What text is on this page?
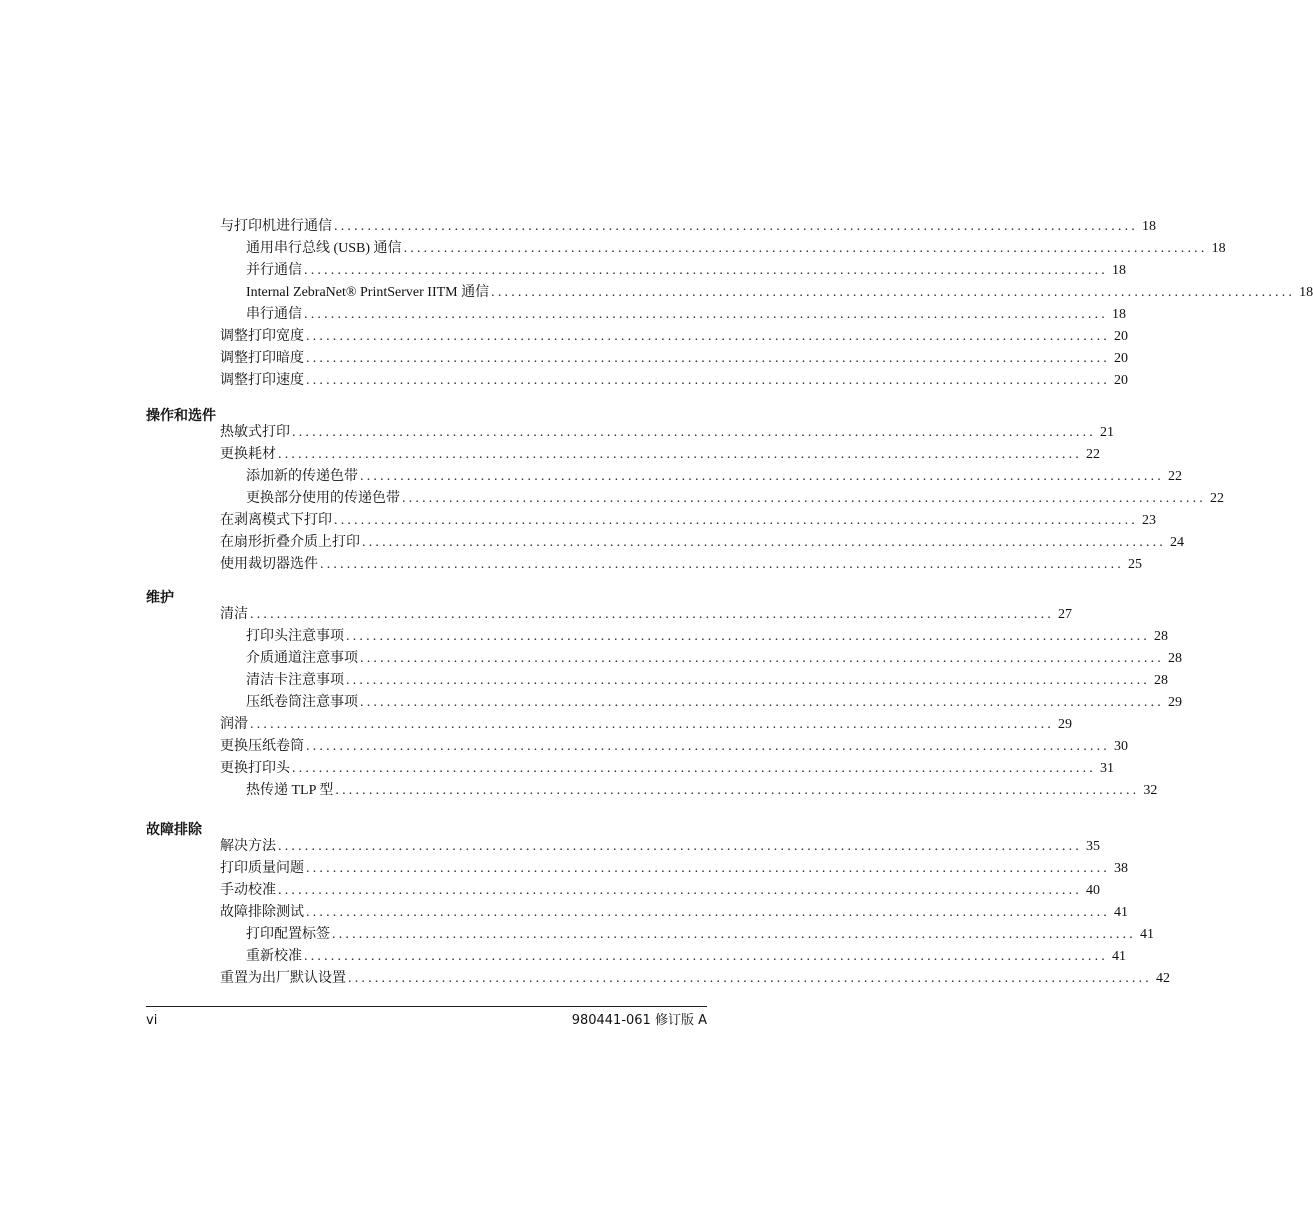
与打印机进行通信 ........................................................................................................................ 18
通用串行总线 (USB) 通信 ........................................................................................................................ 18
并行通信 ........................................................................................................................ 18
Internal ZebraNet® PrintServer IITM 通信 ........................................................................................................................ 18
串行通信 ........................................................................................................................ 18
调整打印宽度 ........................................................................................................................ 20
调整打印暗度 ........................................................................................................................ 20
调整打印速度 ........................................................................................................................ 20
操作和选件
热敏式打印 ........................................................................................................................ 21
更换耗材 ........................................................................................................................ 22
添加新的传递色带 ........................................................................................................................ 22
更换部分使用的传递色带 ........................................................................................................................ 22
在剥离模式下打印 ........................................................................................................................ 23
在扇形折叠介质上打印 ........................................................................................................................ 24
使用裁切器选件 ........................................................................................................................ 25
维护
清洁 ........................................................................................................................ 27
打印头注意事项 ........................................................................................................................ 28
介质通道注意事项 ........................................................................................................................ 28
清洁卡注意事项 ........................................................................................................................ 28
压纸卷筒注意事项 ........................................................................................................................ 29
润滑 ........................................................................................................................ 29
更换压纸卷筒 ........................................................................................................................ 30
更换打印头 ........................................................................................................................ 31
热传递 TLP 型 ........................................................................................................................ 32
故障排除
解决方法 ........................................................................................................................ 35
打印质量问题 ........................................................................................................................ 38
手动校准 ........................................................................................................................ 40
故障排除测试 ........................................................................................................................ 41
打印配置标签 ........................................................................................................................ 41
重新校准 ........................................................................................................................ 41
重置为出厂默认设置 ........................................................................................................................ 42
vi	980441-061 修订版 A
